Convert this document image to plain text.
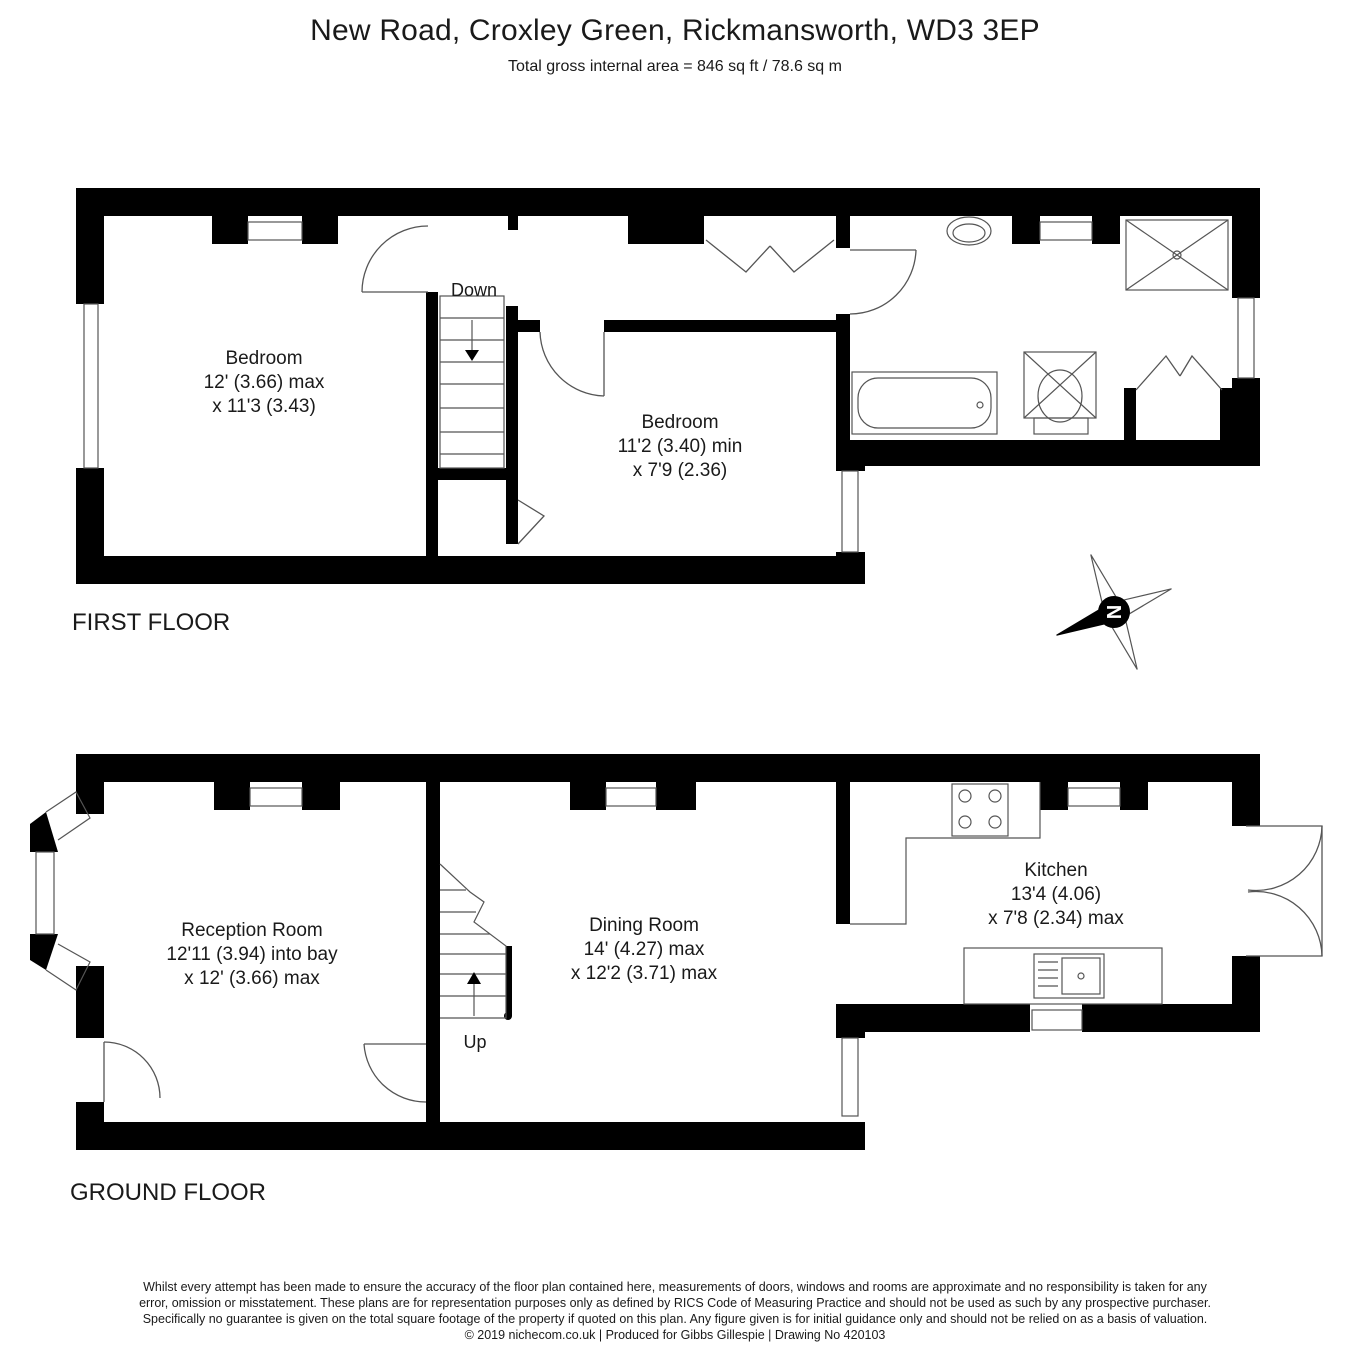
New Road, Croxley Green, Rickmansworth, WD3 3EP
Total gross internal area = 846 sq ft / 78.6 sq m
Down
Bedroom
12' (3.66) max
x 11'3 (3.43)
Bedroom
11'2 (3.40) min
x 7'9 (2.36)
FIRST FLOOR	N
Up
Reception Room
12'11 (3.94) into bay
x 12' (3.66) max
Dining Room
14' (4.27) max
x 12'2 (3.71) max
Kitchen
13'4 (4.06)
x 7'8 (2.34) max
GROUND FLOOR
Whilst every attempt has been made to ensure the accuracy of the floor plan contained here, measurements of doors, windows and rooms are approximate and no responsibility is taken for any
error, omission or misstatement. These plans are for representation purposes only as defined by RICS Code of Measuring Practice and should not be used as such by any prospective purchaser.
Specifically no guarantee is given on the total square footage of the property if quoted on this plan. Any figure given is for initial guidance only and should not be relied on as a basis of valuation.
© 2019 nichecom.co.uk | Produced for Gibbs Gillespie | Drawing No 420103
